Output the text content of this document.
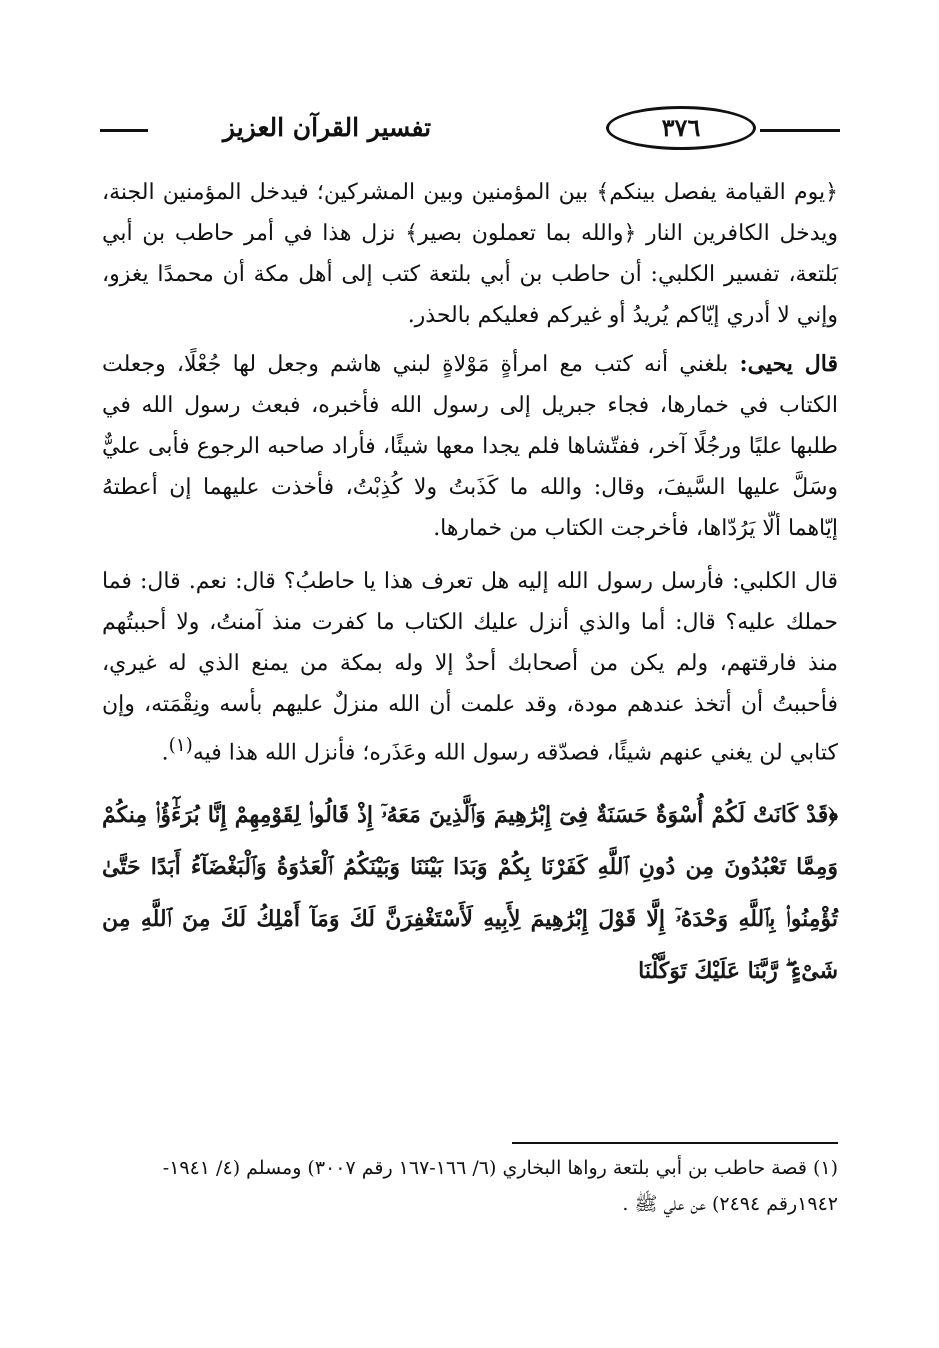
تفسير القرآن العزيز	٣٧٦

﴿يوم القيامة يفصل بينكم﴾ بين المؤمنين وبين المشركين؛ فيدخل المؤمنين الجنة، ويدخل الكافرين النار ﴿والله بما تعملون بصير﴾ نزل هذا في أمر حاطب بن أبي بَلتعة، تفسير الكلبي: أن حاطب بن أبي بلتعة كتب إلى أهل مكة أن محمدًا يغزو، وإني لا أدري إيّاكم يُريدُ أو غيركم فعليكم بالحذر.

قال يحيى: بلغني أنه كتب مع امرأةٍ مَوْلاةٍ لبني هاشم وجعل لها جُعْلًا، وجعلت الكتاب في خمارها، فجاء جبريل إلى رسول الله فأخبره، فبعث رسول الله في طلبها عليًا ورجُلًا آخر، ففتّشاها فلم يجدا معها شيئًا، فأراد صاحبه الرجوع فأبى عليٌّ وسَلَّ عليها السَّيفَ، وقال: والله ما كَذَبتُ ولا كُذِبْتُ، فأخذت عليهما إن أعطتهُ إيّاهما ألّا يَرُدّاها، فأخرجت الكتاب من خمارها.

قال الكلبي: فأرسل رسول الله إليه هل تعرف هذا يا حاطبُ؟ قال: نعم. قال: فما حملك عليه؟ قال: أما والذي أنزل عليك الكتاب ما كفرت منذ آمنتُ، ولا أحببتُهم منذ فارقتهم، ولم يكن من أصحابك أحدٌ إلا وله بمكة من يمنع الذي له غيري، فأحببتُ أن أتخذ عندهم مودة، وقد علمت أن الله منزلٌ عليهم بأسه ونِقْمَته، وإن كتابي لن يغني عنهم شيئًا، فصدّقه رسول الله وعَذَره؛ فأنزل الله هذا فيه$^{(١)}$.

﴿قَدْ كَانَتْ لَكُمْ أُسْوَةٌ حَسَنَةٌ فِىٓ إِبْرَٰهِيمَ وَٱلَّذِينَ مَعَهُۥٓ إِذْ قَالُوا۟ لِقَوْمِهِمْ إِنَّا بُرَءَٰٓؤُا۟ مِنكُمْ وَمِمَّا تَعْبُدُونَ مِن دُونِ ٱللَّهِ كَفَرْنَا بِكُمْ وَبَدَا بَيْنَنَا وَبَيْنَكُمُ ٱلْعَدَٰوَةُ وَٱلْبَغْضَآءُ أَبَدًا حَتَّىٰ تُؤْمِنُوا۟ بِٱللَّهِ وَحْدَهُۥٓ إِلَّا قَوْلَ إِبْرَٰهِيمَ لِأَبِيهِ لَأَسْتَغْفِرَنَّ لَكَ وَمَآ أَمْلِكُ لَكَ مِنَ ٱللَّهِ مِن شَىْءٍ ۖ رَّبَّنَا عَلَيْكَ تَوَكَّلْنَا

(١) قصة حاطب بن أبي بلتعة رواها البخاري (٦/ ١٦٦-١٦٧ رقم ٣٠٠٧) ومسلم (٤/ ١٩٤١-

١٩٤٢رقم ٢٤٩٤) عن علي ﷺ .
